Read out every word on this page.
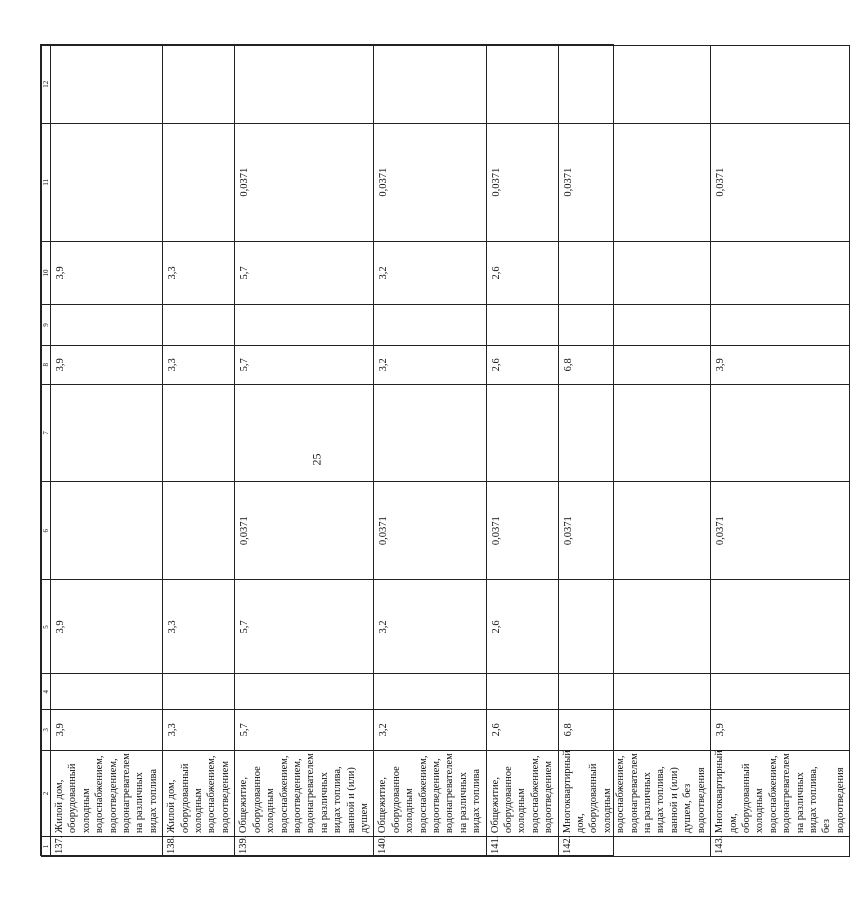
25
1	2	3	4	5	6	7	8	9	10	11	12
137.	Жилой дом, оборудованный холодным водоснабжением, водоотведением, водонагревателем на различных видах топлива	3,9		3,9			3,9		3,9		
138.	Жилой дом, оборудованный холодным водоснабжением, водоотведением	3,3		3,3			3,3		3,3		
139.	Общежитие, оборудованное холодным водоснабжением, водоотведением, водонагревателем на различных видах топлива, ванной и (или) душем	5,7		5,7	0,0371		5,7		5,7	0,0371	
140.	Общежитие, оборудованное холодным водоснабжением, водоотведением, водонагревателем на различных видах топлива	3,2		3,2	0,0371		3,2		3,2	0,0371	
141.	Общежитие, оборудованное холодным водоснабжением, водоотведением	2,6		2,6	0,0371		2,6		2,6	0,0371	
142.	Многоквартирный дом, оборудованный холодным водоснабжением, водонагревателем на различных видах топлива, ванной и (или) душем, без водоотведения	6,8			0,0371		6,8			0,0371	
143.	Многоквартирный дом, оборудованный холодным водоснабжением, водонагревателем на различных видах топлива, без водоотведения	3,9			0,0371		3,9			0,0371	
